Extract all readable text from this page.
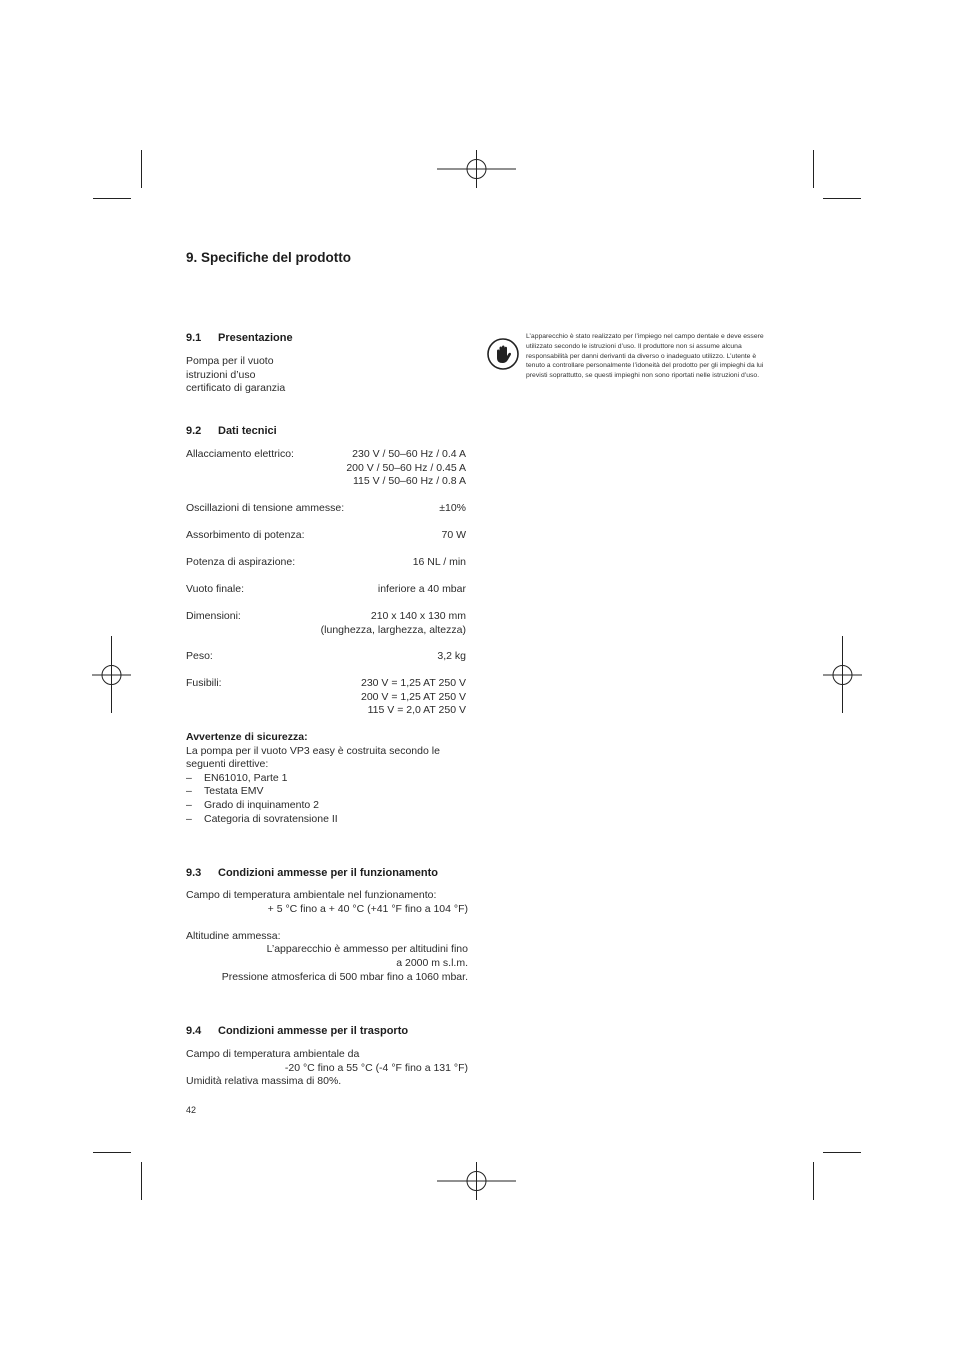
9. Specifiche del prodotto
9.1 Presentazione
Pompa per il vuoto
istruzioni d’uso
certificato di garanzia
L’apparecchio è stato realizzato per l’impiego nel campo dentale e deve essere utilizzato secondo le istruzioni d’uso. Il produttore non si assume alcuna responsabilità per danni derivanti da diverso o inadeguato utilizzo. L’utente è tenuto a controllare personalmente l’idoneità del prodotto per gli impieghi da lui previsti soprattutto, se questi impieghi non sono riportati nelle istruzioni d’uso.
9.2 Dati tecnici
Allacciamento elettrico:	230 V / 50–60 Hz / 0.4 A
200 V / 50–60 Hz / 0.45 A
115 V / 50–60 Hz / 0.8 A
Oscillazioni di tensione ammesse:	±10%
Assorbimento di potenza:	70 W
Potenza di aspirazione:	16 NL / min
Vuoto finale:	inferiore a 40 mbar
Dimensioni:	210 x 140 x 130 mm
(lunghezza, larghezza, altezza)
Peso:	3,2 kg
Fusibili:	230 V = 1,25 AT 250 V
200 V = 1,25 AT 250 V
115 V = 2,0 AT 250 V
Avvertenze di sicurezza:
La pompa per il vuoto VP3 easy è costruita secondo le seguenti direttive:
– EN61010, Parte 1
– Testata EMV
– Grado di inquinamento 2
– Categoria di sovratensione II
9.3 Condizioni ammesse per il funzionamento
Campo di temperatura ambientale nel funzionamento:
+ 5 °C fino a + 40 °C (+41 °F fino a 104 °F)
Altitudine ammessa:
L’apparecchio è ammesso per altitudini fino
a 2000 m s.l.m.
Pressione atmosferica di 500 mbar fino a 1060 mbar.
9.4 Condizioni ammesse per il trasporto
Campo di temperatura ambientale da
-20 °C fino a 55 °C (-4 °F fino a 131 °F)
Umidità relativa massima di 80%.
42
